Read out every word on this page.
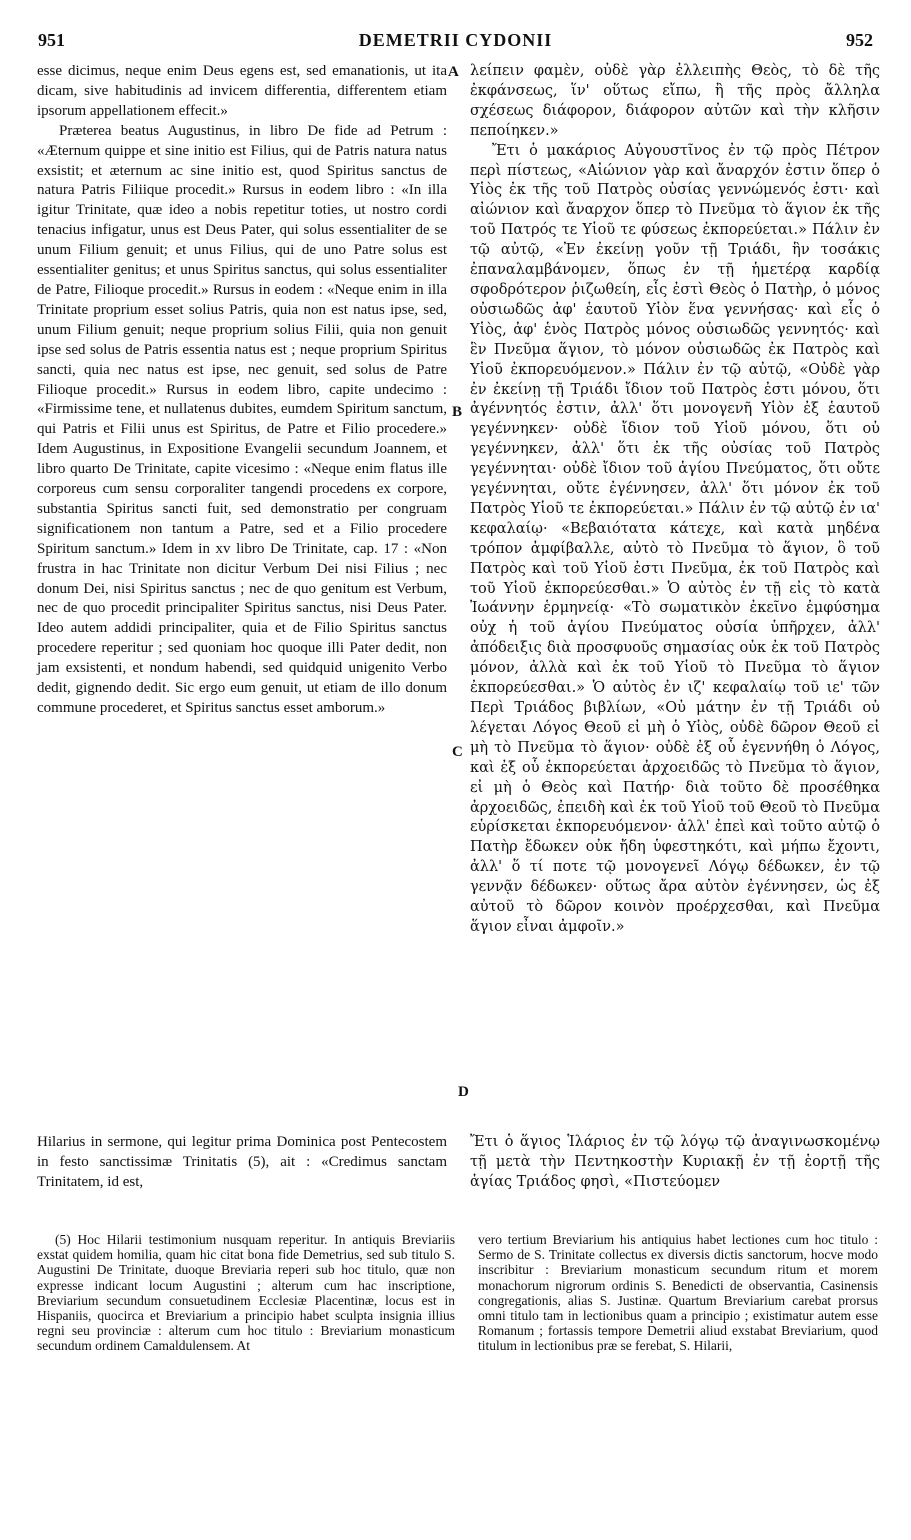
951	DEMETRII CYDONII	952

esse dicimus, neque enim Deus egens est, sed emanationis, ut ita dicam, sive habitudinis ad invicem differentia, differentem etiam ipsorum appellationem effecit.»

Præterea beatus Augustinus, in libro De fide ad Petrum : «Æternum quippe et sine initio est Filius, qui de Patris natura natus exsistit; et æternum ac sine initio est, quod Spiritus sanctus de natura Patris Filiique procedit.» Rursus in eodem libro : «In illa igitur Trinitate, quæ ideo a nobis repetitur toties, ut nostro cordi tenacius infigatur, unus est Deus Pater, qui solus essentialiter de se unum Filium genuit; et unus Filius, qui de uno Patre solus est essentialiter genitus; et unus Spiritus sanctus, qui solus essentialiter de Patre, Filioque procedit.» Rursus in eodem : «Neque enim in illa Trinitate proprium esset solius Patris, quia non est natus ipse, sed, unum Filium genuit; neque proprium solius Filii, quia non genuit ipse sed solus de Patris essentia natus est ; neque proprium Spiritus sancti, quia nec natus est ipse, nec genuit, sed solus de Patre Filioque procedit.» Rursus in eodem libro, capite undecimo : «Firmissime tene, et nullatenus dubites, eumdem Spiritum sanctum, qui Patris et Filii unus est Spiritus, de Patre et Filio procedere.» Idem Augustinus, in Expositione Evangelii secundum Joannem, et libro quarto De Trinitate, capite vicesimo : «Neque enim flatus ille corporeus cum sensu corporaliter tangendi procedens ex corpore, substantia Spiritus sancti fuit, sed demonstratio per congruam significationem non tantum a Patre, sed et a Filio procedere Spiritum sanctum.» Idem in xv libro De Trinitate, cap. 17 : «Non frustra in hac Trinitate non dicitur Verbum Dei nisi Filius ; nec donum Dei, nisi Spiritus sanctus ; nec de quo genitum est Verbum, nec de quo procedit principaliter Spiritus sanctus, nisi Deus Pater. Ideo autem addidi principaliter, quia et de Filio Spiritus sanctus procedere reperitur ; sed quoniam hoc quoque illi Pater dedit, non jam exsistenti, et nondum habendi, sed quidquid unigenito Verbo dedit, gignendo dedit. Sic ergo eum genuit, ut etiam de illo donum commune procederet, et Spiritus sanctus esset amborum.»

λείπειν φαμὲν, οὐδὲ γὰρ ἐλλειπὴς Θεὸς, τὸ δὲ τῆς ἐκφάνσεως, ἵν' οὕτως εἴπω, ἢ τῆς πρὸς ἄλληλα σχέσεως διάφορον, διάφορον αὐτῶν καὶ τὴν κλῆσιν πεποίηκεν.»

Ἔτι ὁ μακάριος Αὐγουστῖνος ἐν τῷ πρὸς Πέτρον περὶ πίστεως, «Αἰώνιον γὰρ καὶ ἄναρχόν ἐστιν ὅπερ ὁ Υἱὸς ἐκ τῆς τοῦ Πατρὸς οὐσίας γεννώμενός ἐστι· καὶ αἰώνιον καὶ ἄναρχον ὅπερ τὸ Πνεῦμα τὸ ἅγιον ἐκ τῆς τοῦ Πατρός τε Υἱοῦ τε φύσεως ἐκπορεύεται.» Πάλιν ἐν τῷ αὐτῷ, «Ἐν ἐκείνῃ γοῦν τῇ Τριάδι, ἣν τοσάκις ἐπαναλαμβάνομεν, ὅπως ἐν τῇ ἡμετέρᾳ καρδίᾳ σφοδρότερον ῥιζωθείη, εἷς ἐστὶ Θεὸς ὁ Πατὴρ, ὁ μόνος οὐσιωδῶς ἀφ' ἑαυτοῦ Υἱὸν ἕνα γεννήσας· καὶ εἷς ὁ Υἱὸς, ἀφ' ἑνὸς Πατρὸς μόνος οὐσιωδῶς γεννητός· καὶ ἓν Πνεῦμα ἅγιον, τὸ μόνον οὐσιωδῶς ἐκ Πατρὸς καὶ Υἱοῦ ἐκπορευόμενον.» Πάλιν ἐν τῷ αὐτῷ, «Οὐδὲ γὰρ ἐν ἐκείνῃ τῇ Τριάδι ἴδιον τοῦ Πατρὸς ἐστι μόνου, ὅτι ἀγέννητός ἐστιν, ἀλλ' ὅτι μονογενῆ Υἱὸν ἐξ ἑαυτοῦ γεγέννηκεν· οὐδὲ ἴδιον τοῦ Υἱοῦ μόνου, ὅτι οὐ γεγέννηκεν, ἀλλ' ὅτι ἐκ τῆς οὐσίας τοῦ Πατρὸς γεγέννηται· οὐδὲ ἴδιον τοῦ ἁγίου Πνεύματος, ὅτι οὔτε γεγέννηται, οὔτε ἐγέννησεν, ἀλλ' ὅτι μόνον ἐκ τοῦ Πατρὸς Υἱοῦ τε ἐκπορεύεται.» Πάλιν ἐν τῷ αὐτῷ ἐν ια' κεφαλαίῳ· «Βεβαιότατα κάτεχε, καὶ κατὰ μηδένα τρόπον ἀμφίβαλλε, αὐτὸ τὸ Πνεῦμα τὸ ἅγιον, ὃ τοῦ Πατρὸς καὶ τοῦ Υἱοῦ ἐστι Πνεῦμα, ἐκ τοῦ Πατρὸς καὶ τοῦ Υἱοῦ ἐκπορεύεσθαι.» Ὁ αὐτὸς ἐν τῇ εἰς τὸ κατὰ Ἰωάννην ἑρμηνείᾳ· «Τὸ σωματικὸν ἐκεῖνο ἐμφύσημα οὐχ ἡ τοῦ ἁγίου Πνεύματος οὐσία ὑπῆρχεν, ἀλλ' ἀπόδειξις διὰ προσφυοῦς σημασίας οὐκ ἐκ τοῦ Πατρὸς μόνον, ἀλλὰ καὶ ἐκ τοῦ Υἱοῦ τὸ Πνεῦμα τὸ ἅγιον ἐκπορεύεσθαι.» Ὁ αὐτὸς ἐν ιζ' κεφαλαίῳ τοῦ ιε' τῶν Περὶ Τριάδος βιβλίων, «Οὐ μάτην ἐν τῇ Τριάδι οὐ λέγεται Λόγος Θεοῦ εἰ μὴ ὁ Υἱὸς, οὐδὲ δῶρον Θεοῦ εἰ μὴ τὸ Πνεῦμα τὸ ἅγιον· οὐδὲ ἐξ οὗ ἐγεννήθη ὁ Λόγος, καὶ ἐξ οὗ ἐκπορεύεται ἀρχοειδῶς τὸ Πνεῦμα τὸ ἅγιον, εἰ μὴ ὁ Θεὸς καὶ Πατήρ· διὰ τοῦτο δὲ προσέθηκα ἀρχοειδῶς, ἐπειδὴ καὶ ἐκ τοῦ Υἱοῦ τοῦ Θεοῦ τὸ Πνεῦμα εὑρίσκεται ἐκπορευόμενον· ἀλλ' ἐπεὶ καὶ τοῦτο αὐτῷ ὁ Πατὴρ ἔδωκεν οὐκ ἤδη ὑφεστηκότι, καὶ μήπω ἔχοντι, ἀλλ' ὅ τί ποτε τῷ μονογενεῖ Λόγῳ δέδωκεν, ἐν τῷ γεννᾷν δέδωκεν· οὕτως ἄρα αὐτὸν ἐγέννησεν, ὡς ἐξ αὐτοῦ τὸ δῶρον κοινὸν προέρχεσθαι, καὶ Πνεῦμα ἅγιον εἶναι ἀμφοῖν.»

A
B
C
D

Hilarius in sermone, qui legitur prima Dominica post Pentecostem in festo sanctissimæ Trinitatis (5), ait : «Credimus sanctam Trinitatem, id est,

Ἔτι ὁ ἅγιος Ἱλάριος ἐν τῷ λόγῳ τῷ ἀναγινωσκομένῳ τῇ μετὰ τὴν Πεντηκοστὴν Κυριακῇ ἐν τῇ ἑορτῇ τῆς ἁγίας Τριάδος φησὶ, «Πιστεύομεν

(5) Hoc Hilarii testimonium nusquam reperitur. In antiquis Breviariis exstat quidem homilia, quam hic citat bona fide Demetrius, sed sub titulo S. Augustini De Trinitate, duoque Breviaria reperi sub hoc titulo, quæ non expresse indicant locum Augustini ; alterum cum hac inscriptione, Breviarium secundum consuetudinem Ecclesiæ Placentinæ, locus est in Hispaniis, quocirca et Breviarium a principio habet sculpta insignia illius regni seu provinciæ : alterum cum hoc titulo : Breviarium monasticum secundum ordinem Camaldulensem. At

vero tertium Breviarium his antiquius habet lectiones cum hoc titulo : Sermo de S. Trinitate collectus ex diversis dictis sanctorum, hocve modo inscribitur : Breviarium monasticum secundum ritum et morem monachorum nigrorum ordinis S. Benedicti de observantia, Casinensis congregationis, alias S. Justinæ. Quartum Breviarium carebat prorsus omni titulo tam in lectionibus quam a principio ; existimatur autem esse Romanum ; fortassis tempore Demetrii aliud exstabat Breviarium, quod titulum in lectionibus præ se ferebat, S. Hilarii,
